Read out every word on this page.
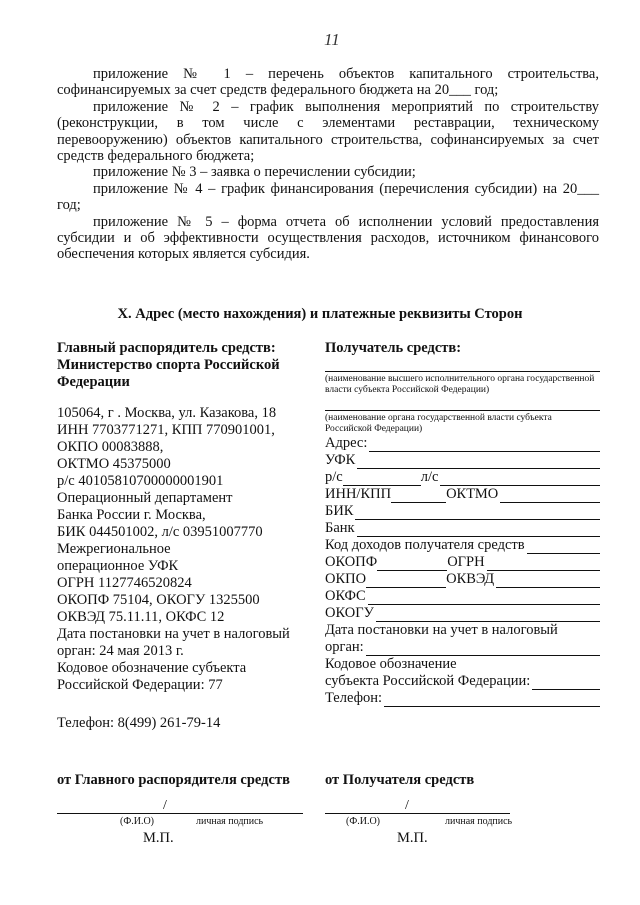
11

приложение № 1 – перечень объектов капитального строительства, софинансируемых за счет средств федерального бюджета на 20___ год;

приложение № 2 – график выполнения мероприятий по строительству (реконструкции, в том числе с элементами реставрации, техническому перевооружению) объектов капитального строительства, софинансируемых за счет средств федерального бюджета;

приложение № 3 – заявка о перечислении субсидии;

приложение № 4 – график финансирования (перечисления субсидии) на 20___ год;

приложение № 5 – форма отчета об исполнении условий предоставления субсидии и об эффективности осуществления расходов, источником финансового обеспечения которых является субсидия.

X. Адрес (место нахождения) и платежные реквизиты Сторон
Главный распорядитель средств:
Министерство спорта Российской
Федерации
105064, г . Москва, ул. Казакова, 18
ИНН 7703771271, КПП 770901001,
ОКПО 00083888,
ОКТМО 45375000
р/с 40105810700000001901
Операционный департамент
Банка России г. Москва,
БИК 044501002, л/с 03951007770
Межрегиональное
операционное УФК
ОГРН 1127746520824
ОКОПФ 75104, ОКОГУ 1325500
ОКВЭД 75.11.11, ОКФС 12
Дата постановки на учет в налоговый
орган: 24 мая 2013 г.
Кодовое обозначение субъекта
Российской Федерации: 77
Телефон: 8(499) 261-79-14
Получатель средств:
(наименование высшего исполнительного органа государственной власти субъекта Российской Федерации)
(наименование органа государственной власти субъекта Российской Федерации)
Адрес:
УФК
р/с	л/с
ИНН/КПП	ОКТМО
БИК
Банк
Код доходов получателя средств
ОКОПФ	ОГРН
ОКПО	ОКВЭД
ОКФС
ОКОГУ
Дата постановки на учет в налоговый
орган:
Кодовое обозначение
субъекта Российской Федерации:
Телефон:
от Главного распорядителя средств от Получателя средств
/	/
(Ф.И.О)	личная подпись	(Ф.И.О)	личная подпись
М.П.	М.П.
